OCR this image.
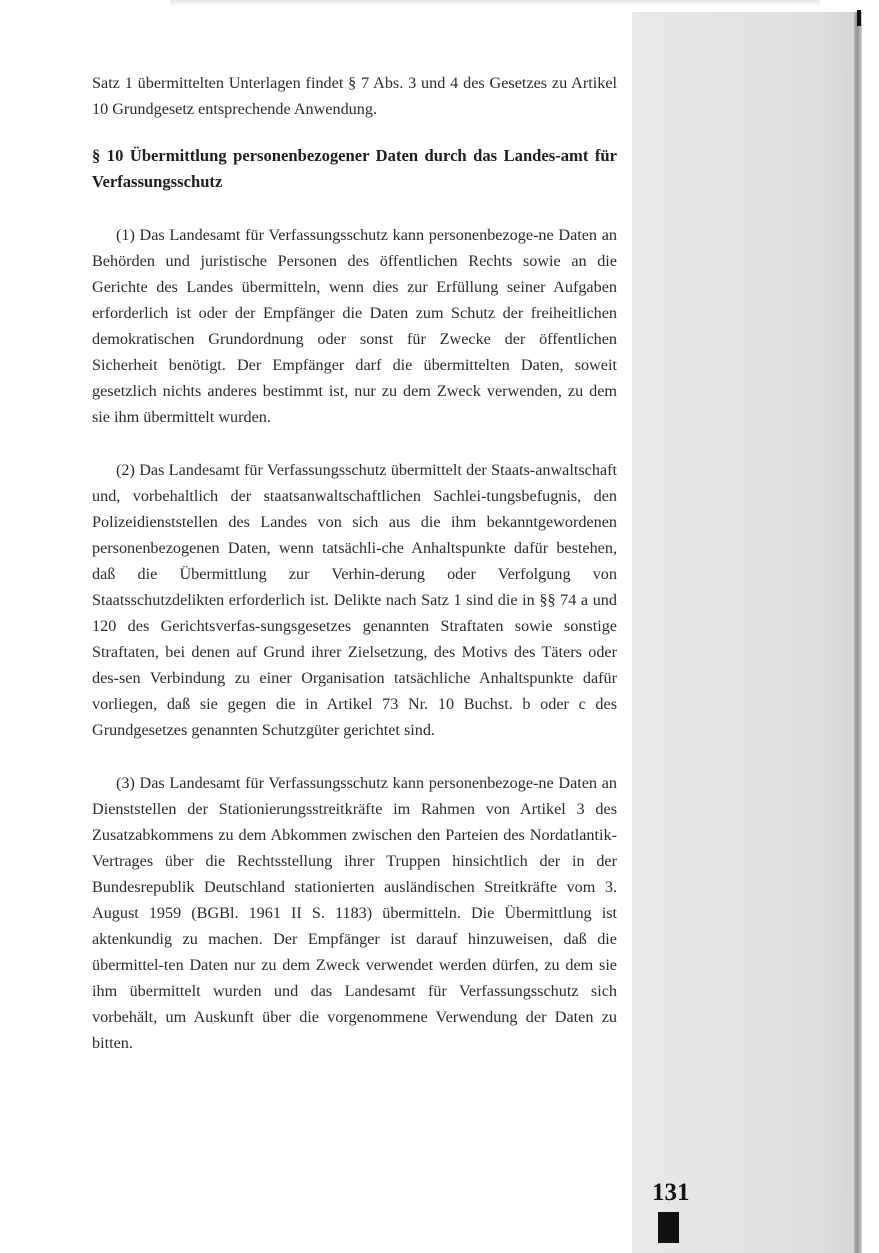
Satz 1 übermittelten Unterlagen findet § 7 Abs. 3 und 4 des Gesetzes zu Artikel 10 Grundgesetz entsprechende Anwendung.

§ 10 Übermittlung personenbezogener Daten durch das Landes-amt für Verfassungsschutz

(1) Das Landesamt für Verfassungsschutz kann personenbezoge-ne Daten an Behörden und juristische Personen des öffentlichen Rechts sowie an die Gerichte des Landes übermitteln, wenn dies zur Erfüllung seiner Aufgaben erforderlich ist oder der Empfänger die Daten zum Schutz der freiheitlichen demokratischen Grundordnung oder sonst für Zwecke der öffentlichen Sicherheit benötigt. Der Empfänger darf die übermittelten Daten, soweit gesetzlich nichts anderes bestimmt ist, nur zu dem Zweck verwenden, zu dem sie ihm übermittelt wurden.

(2) Das Landesamt für Verfassungsschutz übermittelt der Staats-anwaltschaft und, vorbehaltlich der staatsanwaltschaftlichen Sachlei-tungsbefugnis, den Polizeidienststellen des Landes von sich aus die ihm bekanntgewordenen personenbezogenen Daten, wenn tatsächli-che Anhaltspunkte dafür bestehen, daß die Übermittlung zur Verhin-derung oder Verfolgung von Staatsschutzdelikten erforderlich ist. Delikte nach Satz 1 sind die in §§ 74 a und 120 des Gerichtsverfas-sungsgesetzes genannten Straftaten sowie sonstige Straftaten, bei denen auf Grund ihrer Zielsetzung, des Motivs des Täters oder des-sen Verbindung zu einer Organisation tatsächliche Anhaltspunkte dafür vorliegen, daß sie gegen die in Artikel 73 Nr. 10 Buchst. b oder c des Grundgesetzes genannten Schutzgüter gerichtet sind.

(3) Das Landesamt für Verfassungsschutz kann personenbezoge-ne Daten an Dienststellen der Stationierungsstreitkräfte im Rahmen von Artikel 3 des Zusatzabkommens zu dem Abkommen zwischen den Parteien des Nordatlantik-Vertrages über die Rechtsstellung ihrer Truppen hinsichtlich der in der Bundesrepublik Deutschland stationierten ausländischen Streitkräfte vom 3. August 1959 (BGBl. 1961 II S. 1183) übermitteln. Die Übermittlung ist aktenkundig zu machen. Der Empfänger ist darauf hinzuweisen, daß die übermittel-ten Daten nur zu dem Zweck verwendet werden dürfen, zu dem sie ihm übermittelt wurden und das Landesamt für Verfassungsschutz sich vorbehält, um Auskunft über die vorgenommene Verwendung der Daten zu bitten.

131
